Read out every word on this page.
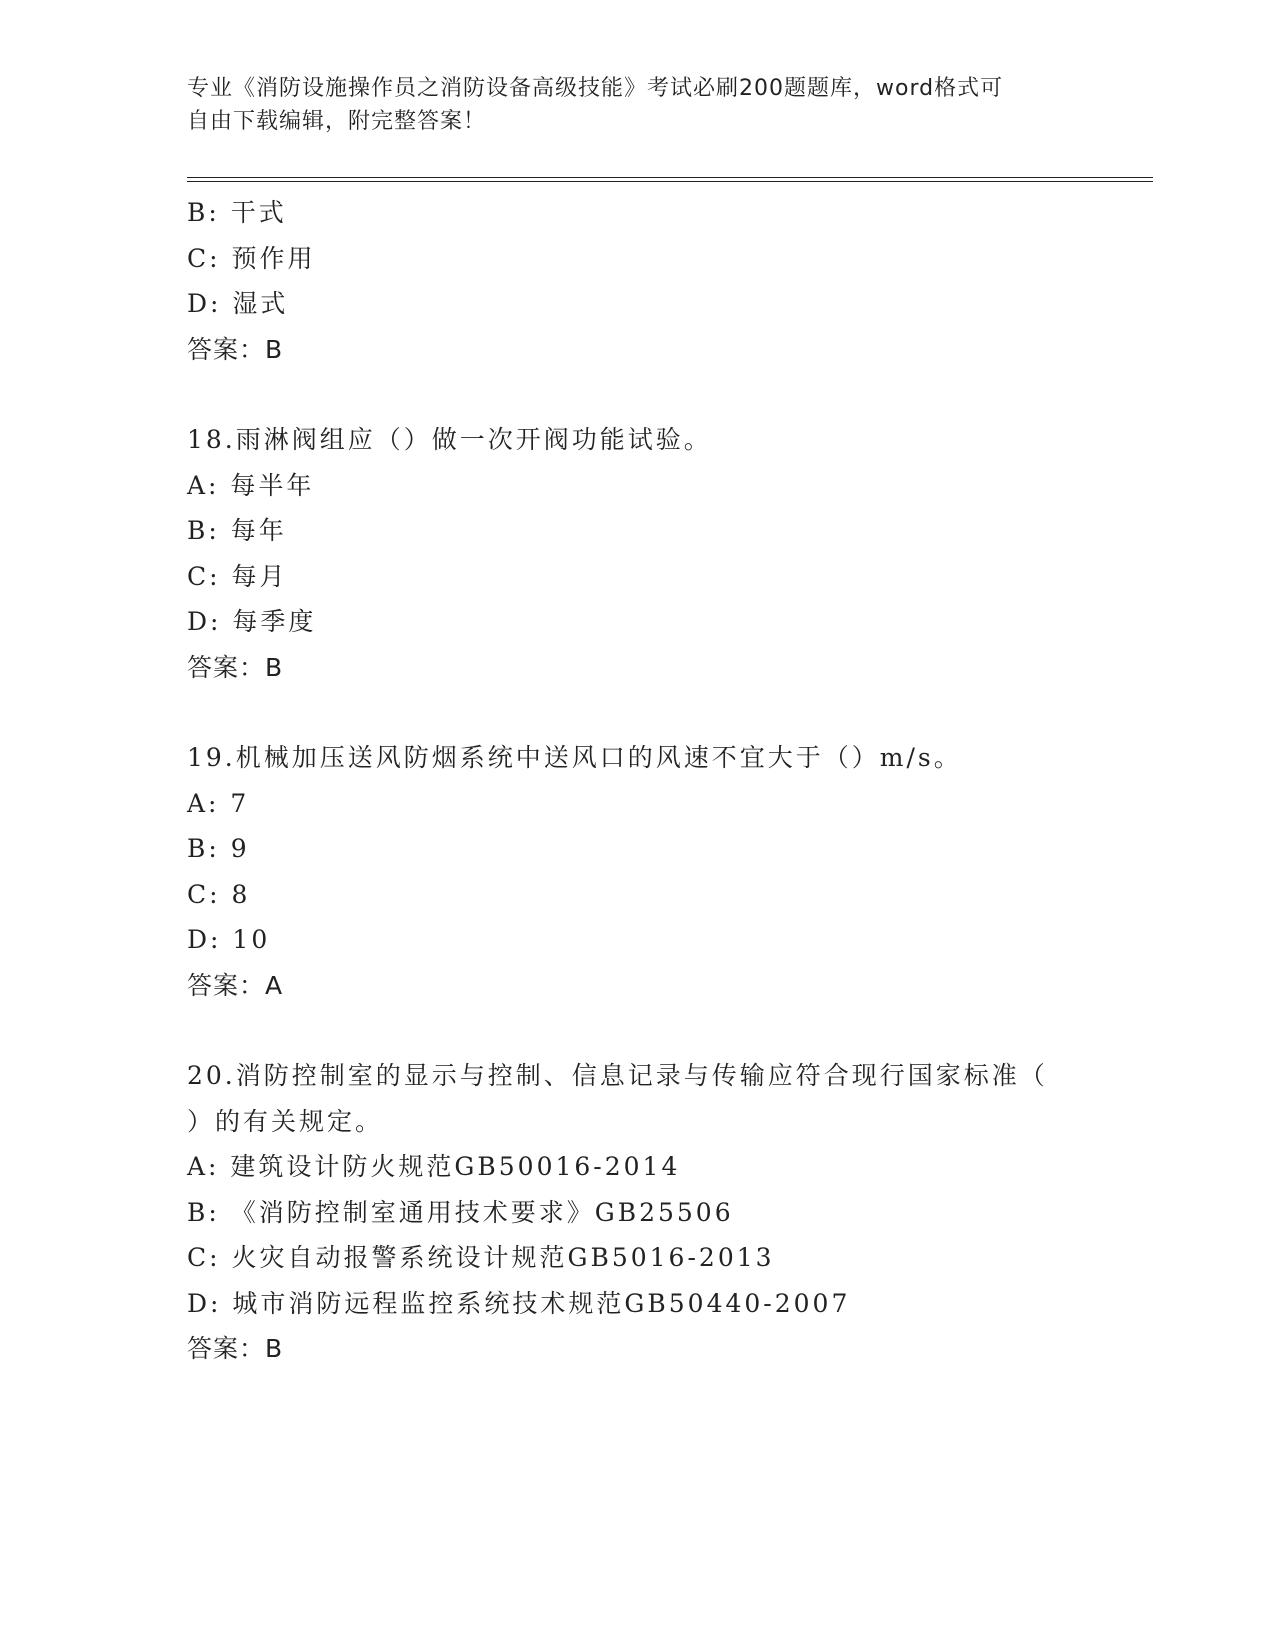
专业《消防设施操作员之消防设备高级技能》考试必刷200题题库，word格式可
自由下载编辑，附完整答案！
B: 干式
C: 预作用
D: 湿式
答案：B
18.雨淋阀组应（）做一次开阀功能试验。
A: 每半年
B: 每年
C: 每月
D: 每季度
答案：B
19.机械加压送风防烟系统中送风口的风速不宜大于（）m/s。
A: 7
B: 9
C: 8
D: 10
答案：A
20.消防控制室的显示与控制、信息记录与传输应符合现行国家标准（
）的有关规定。
A: 建筑设计防火规范GB50016-2014
B: 《消防控制室通用技术要求》GB25506
C: 火灾自动报警系统设计规范GB5016-2013
D: 城市消防远程监控系统技术规范GB50440-2007
答案：B
